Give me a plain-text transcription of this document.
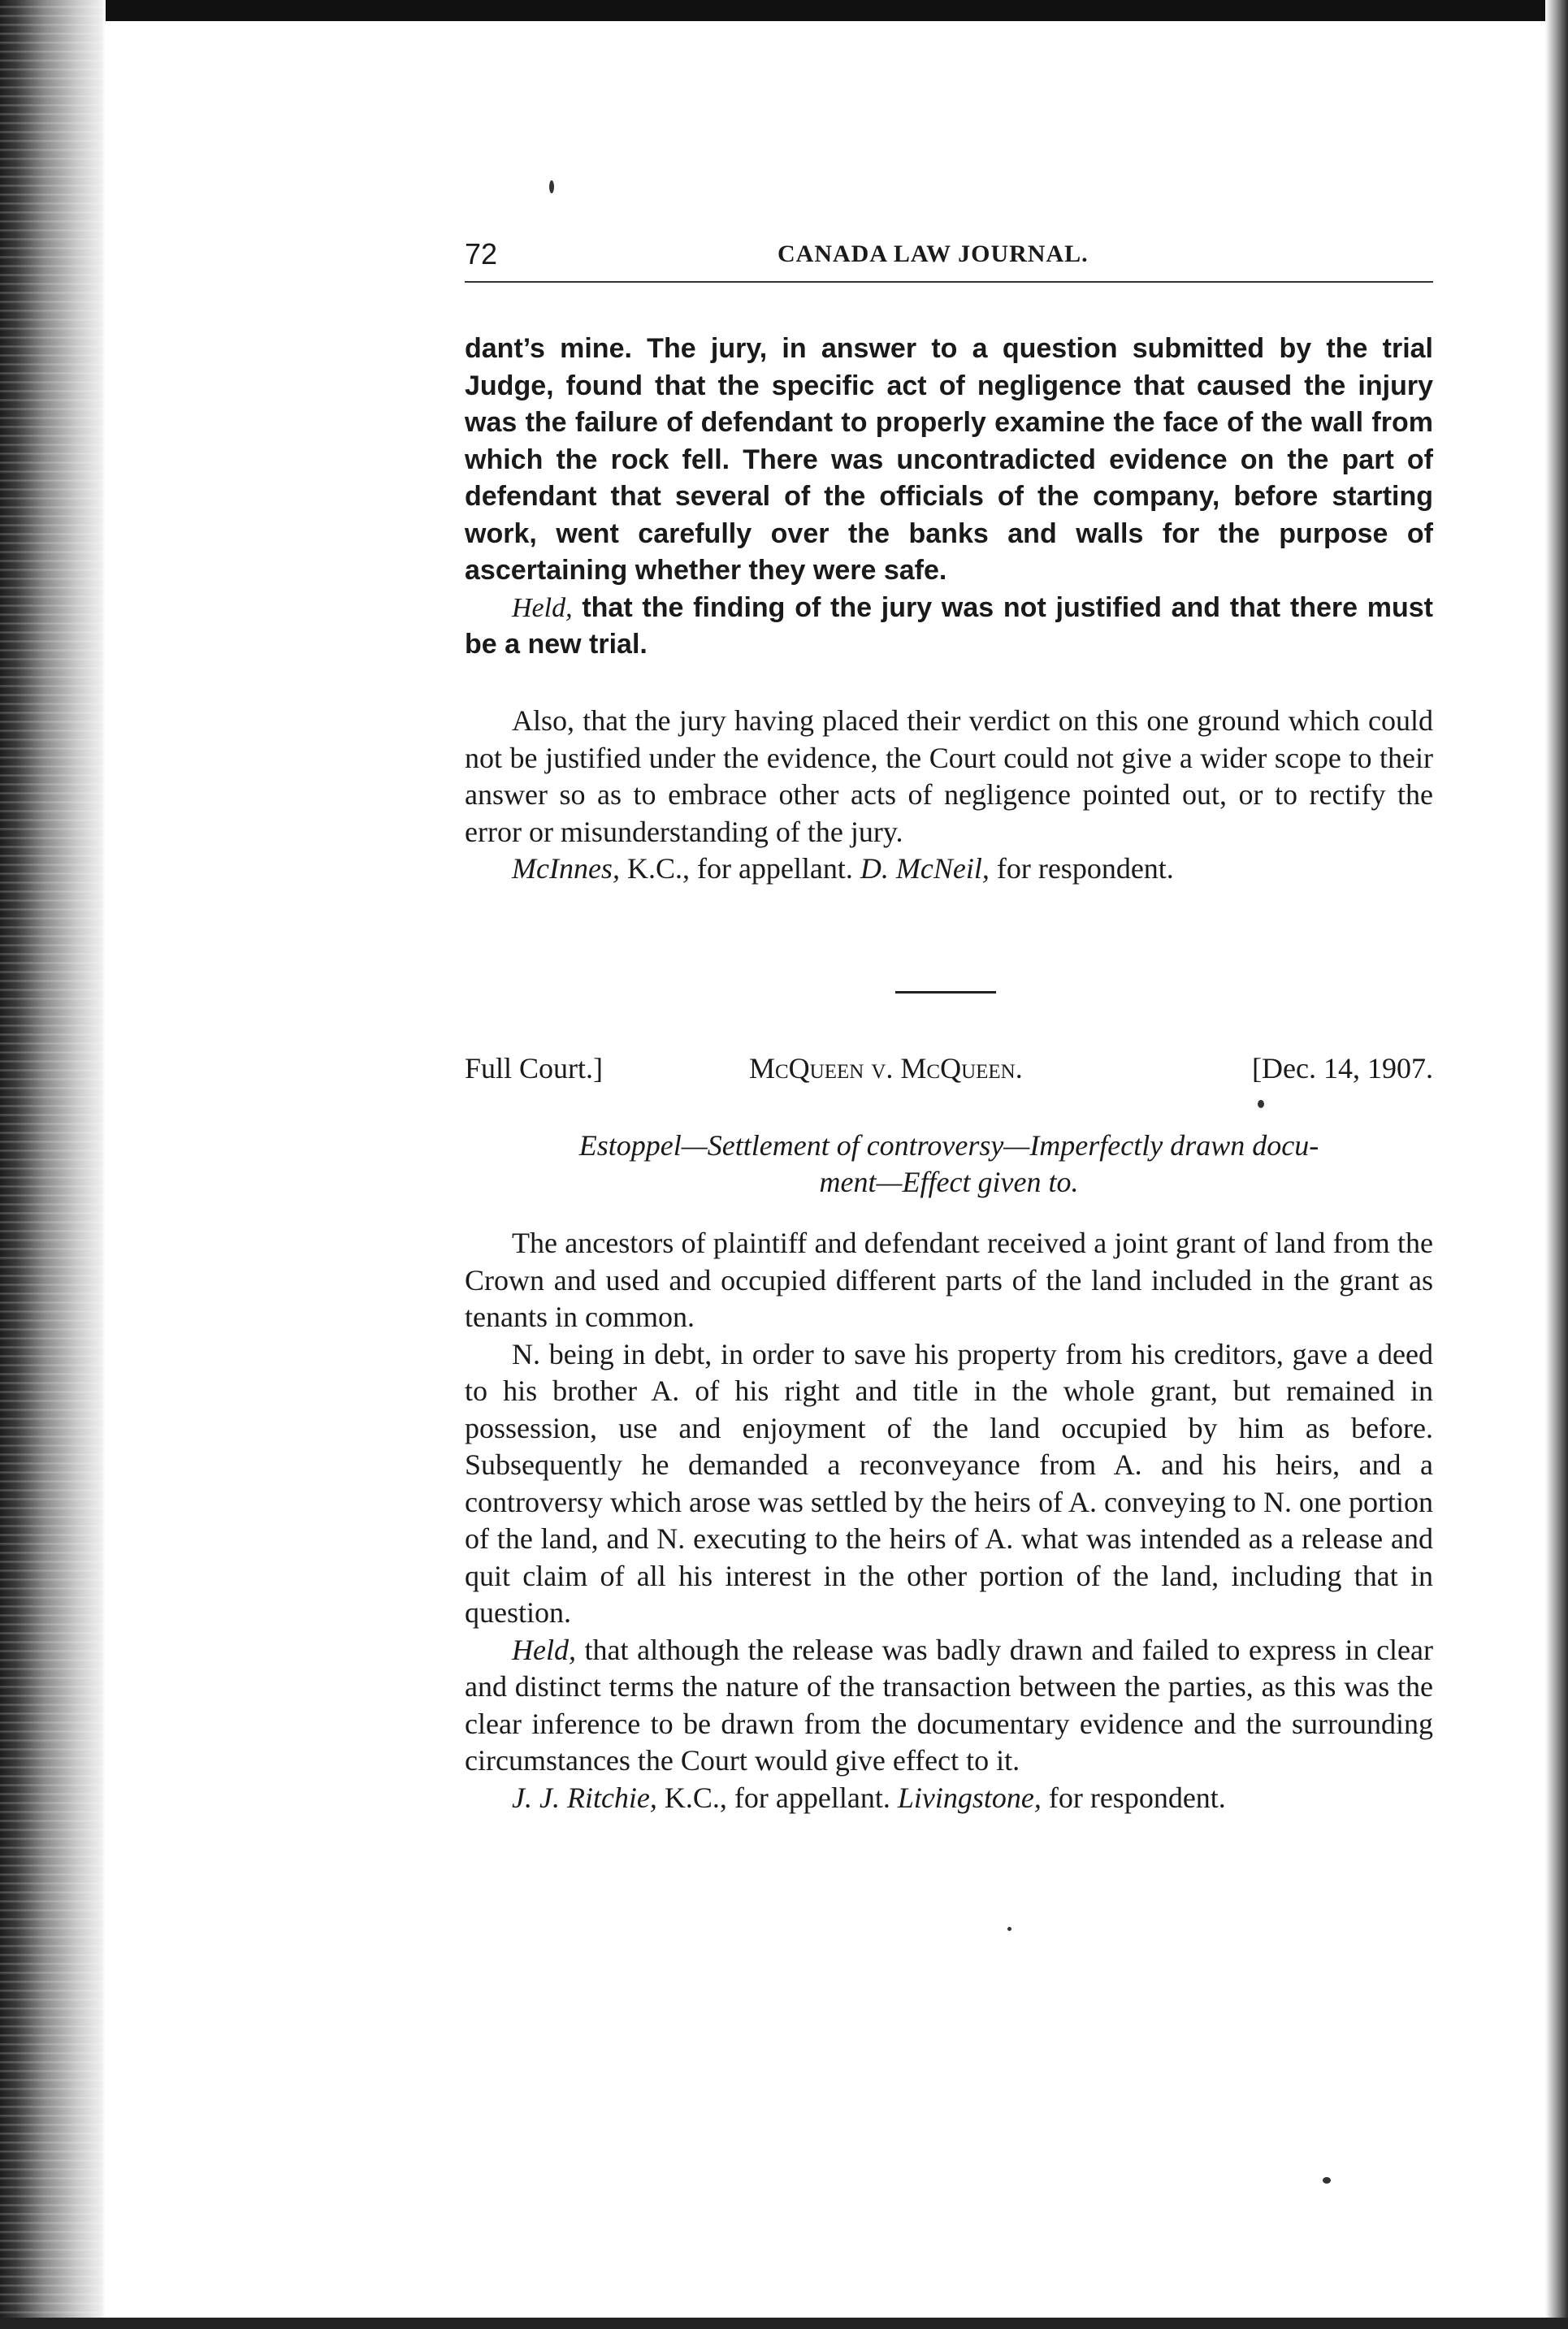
72	CANADA LAW JOURNAL.

dant’s mine. The jury, in answer to a question submitted by the trial Judge, found that the specific act of negligence that caused the injury was the failure of defendant to properly examine the face of the wall from which the rock fell. There was uncontradicted evidence on the part of defendant that several of the officials of the company, before starting work, went carefully over the banks and walls for the purpose of ascertaining whether they were safe.

Held, that the finding of the jury was not justified and that there must be a new trial.

Also, that the jury having placed their verdict on this one ground which could not be justified under the evidence, the Court could not give a wider scope to their answer so as to embrace other acts of negligence pointed out, or to rectify the error or misunderstanding of the jury.

McInnes, K.C., for appellant. D. McNeil, for respondent.

Full Court.]	McQueen v. McQueen.	[Dec. 14, 1907.
Estoppel—Settlement of controversy—Imperfectly drawn docu-
ment—Effect given to.

The ancestors of plaintiff and defendant received a joint grant of land from the Crown and used and occupied different parts of the land included in the grant as tenants in common.

N. being in debt, in order to save his property from his creditors, gave a deed to his brother A. of his right and title in the whole grant, but remained in possession, use and enjoyment of the land occupied by him as before. Subsequently he demanded a reconveyance from A. and his heirs, and a controversy which arose was settled by the heirs of A. conveying to N. one portion of the land, and N. executing to the heirs of A. what was intended as a release and quit claim of all his interest in the other portion of the land, including that in question.

Held, that although the release was badly drawn and failed to express in clear and distinct terms the nature of the transaction between the parties, as this was the clear inference to be drawn from the documentary evidence and the surrounding circumstances the Court would give effect to it.

J. J. Ritchie, K.C., for appellant. Livingstone, for respondent.
